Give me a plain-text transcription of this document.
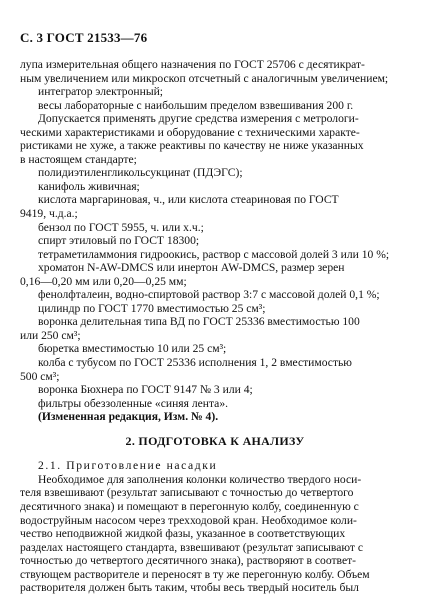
С. 3 ГОСТ 21533—76
лупа измерительная общего назначения по ГОСТ 25706 с десятикрат-
ным увеличением или микроскоп отсчетный с аналогичным увеличением;
интегратор электронный;
весы лабораторные с наибольшим пределом взвешивания 200 г.
Допускается применять другие средства измерения с метрологи-
ческими характеристиками и оборудование с техническими характе-
ристиками не хуже, а также реактивы по качеству не ниже указанных
в настоящем стандарте;
полидиэтиленгликольсукцинат (ПДЭГС);
канифоль живичная;
кислота маргариновая, ч., или кислота стеариновая по ГОСТ
9419, ч.д.а.;
бензол по ГОСТ 5955, ч. или х.ч.;
спирт этиловый по ГОСТ 18300;
тетраметиламмония гидроокись, раствор с массовой долей 3 или 10 %;
хроматон N-AW-DMCS или инертон AW-DMCS, размер зерен
0,16—0,20 мм или 0,20—0,25 мм;
фенолфталеин, водно-спиртовой раствор 3:7 с массовой долей 0,1 %;
цилиндр по ГОСТ 1770 вместимостью 25 см³;
воронка делительная типа ВД по ГОСТ 25336 вместимостью 100
или 250 см³;
бюретка вместимостью 10 или 25 см³;
колба с тубусом по ГОСТ 25336 исполнения 1, 2 вместимостью
500 см³;
воронка Бюхнера по ГОСТ 9147 № 3 или 4;
фильтры обеззоленные «синяя лента».
(Измененная редакция, Изм. № 4).
2. ПОДГОТОВКА К АНАЛИЗУ
2.1. Приготовление насадки
Необходимое для заполнения колонки количество твердого носи-
теля взвешивают (результат записывают с точностью до четвертого
десятичного знака) и помещают в перегонную колбу, соединенную с
водоструйным насосом через трехходовой кран. Необходимое коли-
чество неподвижной жидкой фазы, указанное в соответствующих
разделах настоящего стандарта, взвешивают (результат записывают с
точностью до четвертого десятичного знака), растворяют в соответ-
ствующем растворителе и переносят в ту же перегонную колбу. Объем
растворителя должен быть таким, чтобы весь твердый носитель был
